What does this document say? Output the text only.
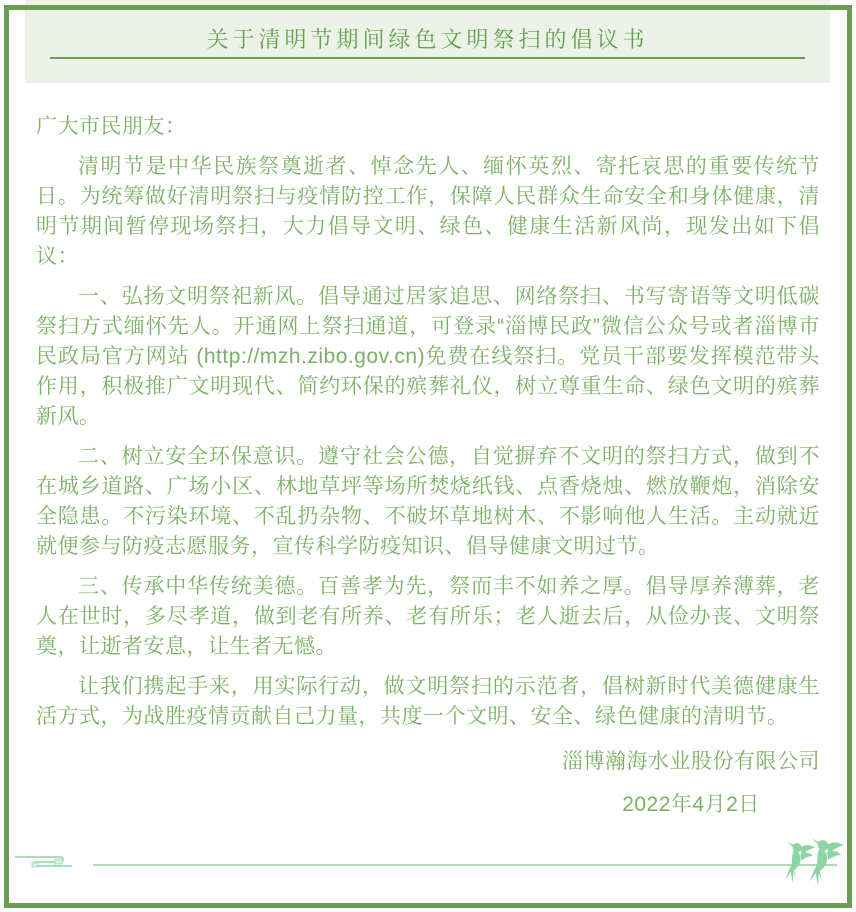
关于清明节期间绿色文明祭扫的倡议书

广大市民朋友：

清明节是中华民族祭奠逝者、悼念先人、缅怀英烈、寄托哀思的重要传统节日。为统筹做好清明祭扫与疫情防控工作，保障人民群众生命安全和身体健康，清明节期间暂停现场祭扫，大力倡导文明、绿色、健康生活新风尚，现发出如下倡议：

一、弘扬文明祭祀新风。倡导通过居家追思、网络祭扫、书写寄语等文明低碳祭扫方式缅怀先人。开通网上祭扫通道，可登录“淄博民政”微信公众号或者淄博市民政局官方网站 (http://mzh.zibo.gov.cn)免费在线祭扫。党员干部要发挥模范带头作用，积极推广文明现代、简约环保的殡葬礼仪，树立尊重生命、绿色文明的殡葬新风。

二、树立安全环保意识。遵守社会公德，自觉摒弃不文明的祭扫方式，做到不在城乡道路、广场小区、林地草坪等场所焚烧纸钱、点香烧烛、燃放鞭炮，消除安全隐患。不污染环境、不乱扔杂物、不破坏草地树木、不影响他人生活。主动就近就便参与防疫志愿服务，宣传科学防疫知识、倡导健康文明过节。

三、传承中华传统美德。百善孝为先，祭而丰不如养之厚。倡导厚养薄葬，老人在世时，多尽孝道，做到老有所养、老有所乐；老人逝去后，从俭办丧、文明祭奠，让逝者安息，让生者无憾。

让我们携起手来，用实际行动，做文明祭扫的示范者，倡树新时代美德健康生活方式，为战胜疫情贡献自己力量，共度一个文明、安全、绿色健康的清明节。

淄博瀚海水业股份有限公司
2022年4月2日
